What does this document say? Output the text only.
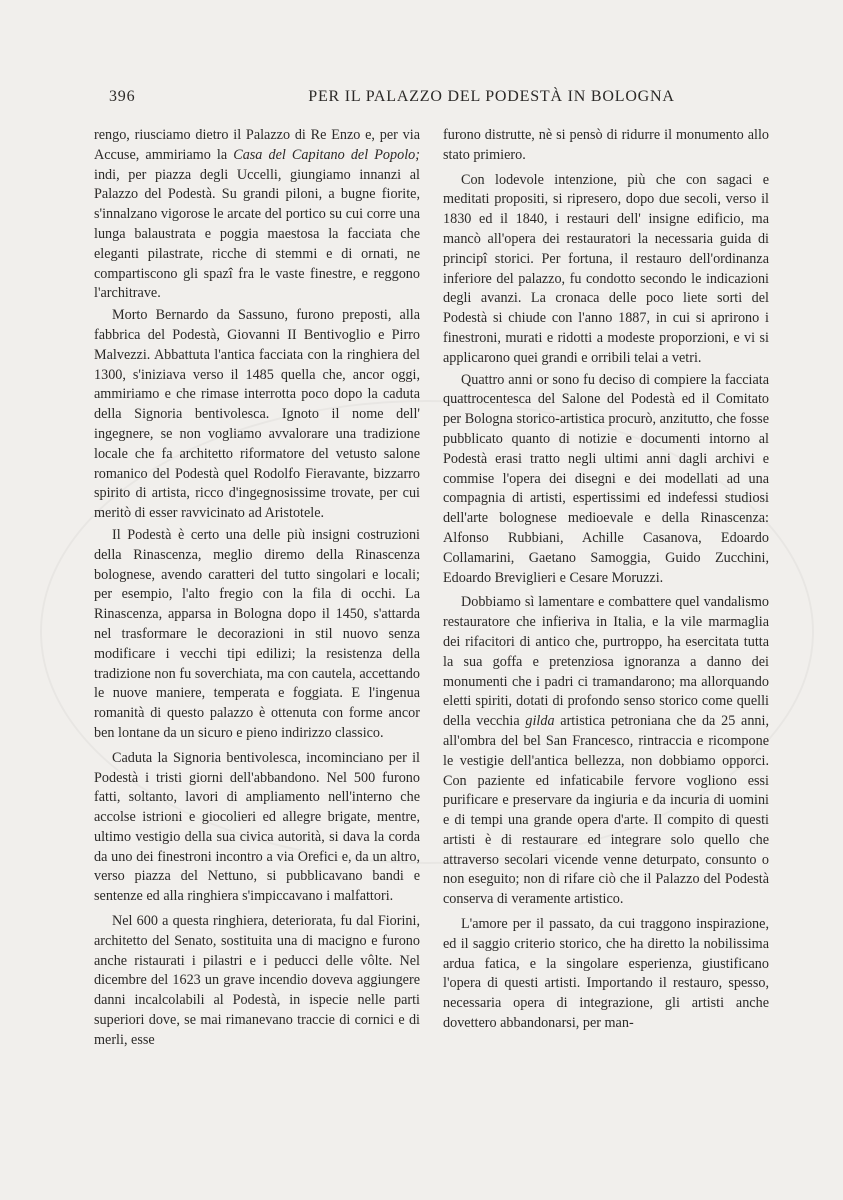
396	PER IL PALAZZO DEL PODESTÀ IN BOLOGNA

rengo, riusciamo dietro il Palazzo di Re Enzo e, per via Accuse, ammiriamo la Casa del Capitano del Popolo; indi, per piazza degli Uccelli, giungiamo innanzi al Palazzo del Podestà. Su grandi piloni, a bugne fiorite, s'innalzano vigorose le arcate del portico su cui corre una lunga balaustrata e poggia maestosa la facciata che eleganti pilastrate, ricche di stemmi e di ornati, ne compartiscono gli spazî fra le vaste finestre, e reggono l'architrave.

Morto Bernardo da Sassuno, furono preposti, alla fabbrica del Podestà, Giovanni II Bentivoglio e Pirro Malvezzi. Abbattuta l'antica facciata con la ringhiera del 1300, s'iniziava verso il 1485 quella che, ancor oggi, ammiriamo e che rimase interrotta poco dopo la caduta della Signoria bentivolesca. Ignoto il nome dell' ingegnere, se non vogliamo avvalorare una tradizione locale che fa architetto riformatore del vetusto salone romanico del Podestà quel Rodolfo Fieravante, bizzarro spirito di artista, ricco d'ingegnosissime trovate, per cui meritò di esser ravvicinato ad Aristotele.

Il Podestà è certo una delle più insigni costruzioni della Rinascenza, meglio diremo della Rinascenza bolognese, avendo caratteri del tutto singolari e locali; per esempio, l'alto fregio con la fila di occhi. La Rinascenza, apparsa in Bologna dopo il 1450, s'attarda nel trasformare le decorazioni in stil nuovo senza modificare i vecchi tipi edilizi; la resistenza della tradizione non fu soverchiata, ma con cautela, accettando le nuove maniere, temperata e foggiata. E l'ingenua romanità di questo palazzo è ottenuta con forme ancor ben lontane da un sicuro e pieno indirizzo classico.

Caduta la Signoria bentivolesca, incominciano per il Podestà i tristi giorni dell'abbandono. Nel 500 furono fatti, soltanto, lavori di ampliamento nell'interno che accolse istrioni e giocolieri ed allegre brigate, mentre, ultimo vestigio della sua civica autorità, si dava la corda da uno dei finestroni incontro a via Orefici e, da un altro, verso piazza del Nettuno, si pubblicavano bandi e sentenze ed alla ringhiera s'impiccavano i malfattori.

Nel 600 a questa ringhiera, deteriorata, fu dal Fiorini, architetto del Senato, sostituita una di macigno e furono anche ristaurati i pilastri e i peducci delle vôlte. Nel dicembre del 1623 un grave incendio doveva aggiungere danni incalcolabili al Podestà, in ispecie nelle parti superiori dove, se mai rimanevano traccie di cornici e di merli, esse

furono distrutte, nè si pensò di ridurre il monumento allo stato primiero.

Con lodevole intenzione, più che con sagaci e meditati propositi, si ripresero, dopo due secoli, verso il 1830 ed il 1840, i restauri dell' insigne edificio, ma mancò all'opera dei restauratori la necessaria guida di principî storici. Per fortuna, il restauro dell'ordinanza inferiore del palazzo, fu condotto secondo le indicazioni degli avanzi. La cronaca delle poco liete sorti del Podestà si chiude con l'anno 1887, in cui si aprirono i finestroni, murati e ridotti a modeste proporzioni, e vi si applicarono quei grandi e orribili telai a vetri.

Quattro anni or sono fu deciso di compiere la facciata quattrocentesca del Salone del Podestà ed il Comitato per Bologna storico-artistica procurò, anzitutto, che fosse pubblicato quanto di notizie e documenti intorno al Podestà erasi tratto negli ultimi anni dagli archivi e commise l'opera dei disegni e dei modellati ad una compagnia di artisti, espertissimi ed indefessi studiosi dell'arte bolognese medioevale e della Rinascenza: Alfonso Rubbiani, Achille Casanova, Edoardo Collamarini, Gaetano Samoggia, Guido Zucchini, Edoardo Breviglieri e Cesare Moruzzi.

Dobbiamo sì lamentare e combattere quel vandalismo restauratore che infieriva in Italia, e la vile marmaglia dei rifacitori di antico che, purtroppo, ha esercitata tutta la sua goffa e pretenziosa ignoranza a danno dei monumenti che i padri ci tramandarono; ma allorquando eletti spiriti, dotati di profondo senso storico come quelli della vecchia gilda artistica petroniana che da 25 anni, all'ombra del bel San Francesco, rintraccia e ricompone le vestigie dell'antica bellezza, non dobbiamo opporci. Con paziente ed infaticabile fervore vogliono essi purificare e preservare da ingiuria e da incuria di uomini e di tempi una grande opera d'arte. Il compito di questi artisti è di restaurare ed integrare solo quello che attraverso secolari vicende venne deturpato, consunto o non eseguito; non di rifare ciò che il Palazzo del Podestà conserva di veramente artistico.

L'amore per il passato, da cui traggono inspirazione, ed il saggio criterio storico, che ha diretto la nobilissima ardua fatica, e la singolare esperienza, giustificano l'opera di questi artisti. Importando il restauro, spesso, necessaria opera di integrazione, gli artisti anche dovettero abbandonarsi, per man-
